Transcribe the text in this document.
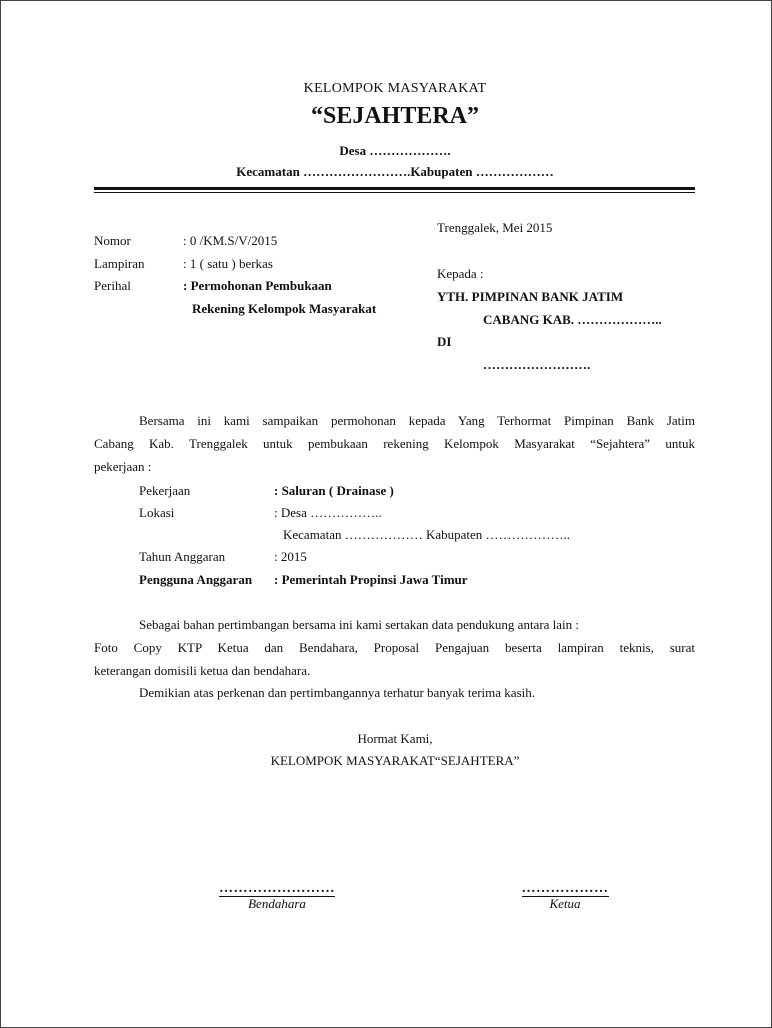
KELOMPOK MASYARAKAT
“SEJAHTERA”
Desa ……………….
Kecamatan …………………….Kabupaten ………………
Trenggalek, Mei 2015
Nomor	: 0 /KM.S/V/2015
Lampiran	: 1 ( satu ) berkas
Perihal	: Permohonan Pembukaan
Rekening Kelompok Masyarakat
Kepada :
YTH. PIMPINAN BANK JATIM
CABANG KAB. ………………..
DI
…………………….
Bersama ini kami sampaikan permohonan kepada Yang Terhormat Pimpinan Bank Jatim
Cabang Kab. Trenggalek untuk pembukaan rekening Kelompok Masyarakat “Sejahtera” untuk
pekerjaan :
Pekerjaan	: Saluran ( Drainase )
Lokasi	: Desa ……………..
Kecamatan ……………… Kabupaten ………………..
Tahun Anggaran	: 2015
Pengguna Anggaran : Pemerintah Propinsi Jawa Timur
Sebagai bahan pertimbangan bersama ini kami sertakan data pendukung antara lain :
Foto Copy KTP Ketua dan Bendahara, Proposal Pengajuan beserta lampiran teknis, surat
keterangan domisili ketua dan bendahara.
Demikian atas perkenan dan pertimbangannya terhatur banyak terima kasih.
Hormat Kami,
KELOMPOK MASYARAKAT“SEJAHTERA”
……………………
Bendahara
………………
Ketua
